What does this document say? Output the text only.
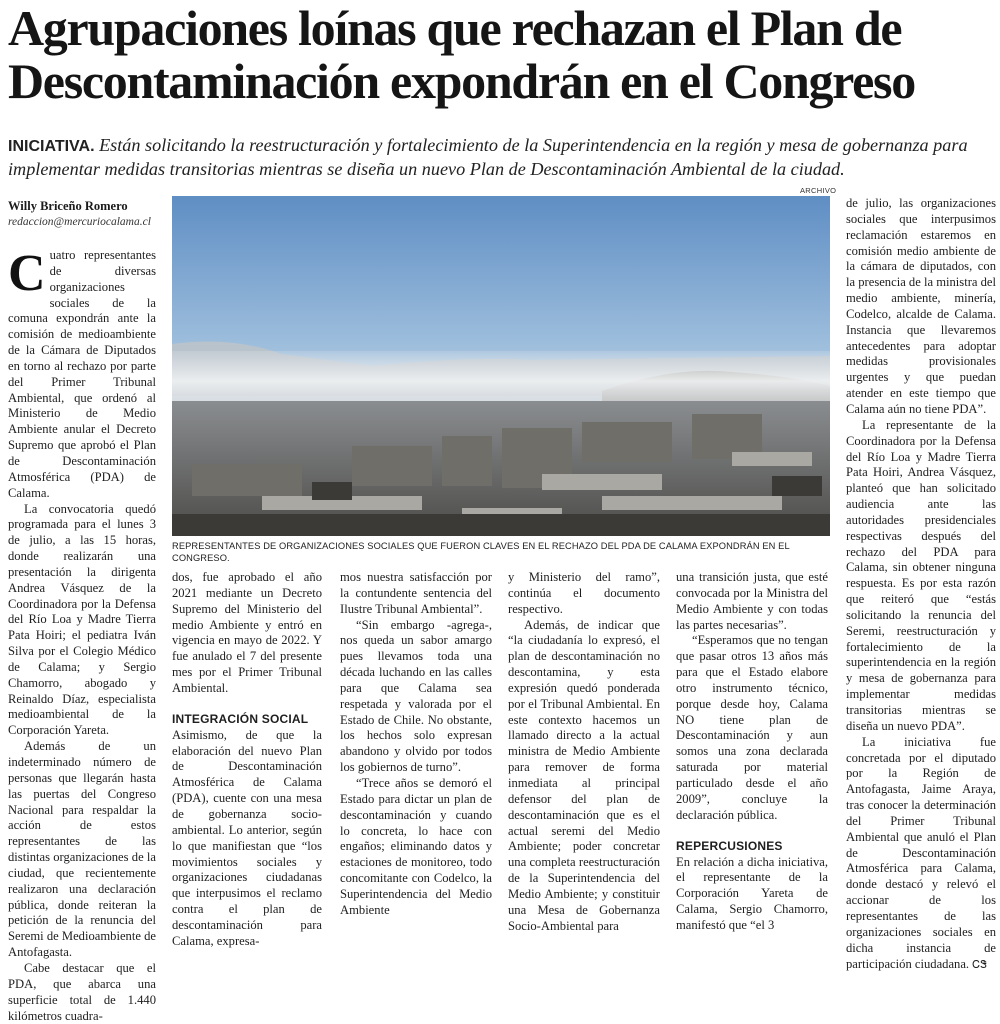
Agrupaciones loínas que rechazan el Plan de Descontaminación expondrán en el Congreso
INICIATIVA. Están solicitando la reestructuración y fortalecimiento de la Superintendencia en la región y mesa de gobernanza para implementar medidas transitorias mientras se diseña un nuevo Plan de Descontaminación Ambiental de la ciudad.
Willy Briceño Romero
redaccion@mercuriocalama.cl

Cuatro representantes de diversas organizaciones sociales de la comuna expondrán ante la comisión de medioambiente de la Cámara de Diputados en torno al rechazo por parte del Primer Tribunal Ambiental, que ordenó al Ministerio de Medio Ambiente anular el Decreto Supremo que aprobó el Plan de Descontaminación Atmosférica (PDA) de Calama.

La convocatoria quedó programada para el lunes 3 de julio, a las 15 horas, donde realizarán una presentación la dirigenta Andrea Vásquez de la Coordinadora por la Defensa del Río Loa y Madre Tierra Pata Hoiri; el pediatra Iván Silva por el Colegio Médico de Calama; y Sergio Chamorro, abogado y Reinaldo Díaz, especialista medioambiental de la Corporación Yareta.

Además de un indeterminado número de personas que llegarán hasta las puertas del Congreso Nacional para respaldar la acción de estos representantes de las distintas organizaciones de la ciudad, que recientemente realizaron una declaración pública, donde reiteran la petición de la renuncia del Seremi de Medioambiente de Antofagasta.

Cabe destacar que el PDA, que abarca una superficie total de 1.440 kilómetros cuadra-

ARCHIVO
REPRESENTANTES DE ORGANIZACIONES SOCIALES QUE FUERON CLAVES EN EL RECHAZO DEL PDA DE CALAMA EXPONDRÁN EN EL CONGRESO.

dos, fue aprobado el año 2021 mediante un Decreto Supremo del Ministerio del medio Ambiente y entró en vigencia en mayo de 2022. Y fue anulado el 7 del presente mes por el Primer Tribunal Ambiental.

INTEGRACIÓN SOCIAL

Asimismo, de que la elaboración del nuevo Plan de Descontaminación Atmosférica de Calama (PDA), cuente con una mesa de gobernanza socio-ambiental. Lo anterior, según lo que manifiestan que “los movimientos sociales y organizaciones ciudadanas que interpusimos el reclamo contra el plan de descontaminación para Calama, expresa-

mos nuestra satisfacción por la contundente sentencia del Ilustre Tribunal Ambiental”.

“Sin embargo -agrega-, nos queda un sabor amargo pues llevamos toda una década luchando en las calles para que Calama sea respetada y valorada por el Estado de Chile. No obstante, los hechos solo expresan abandono y olvido por todos los gobiernos de turno”.

“Trece años se demoró el Estado para dictar un plan de descontaminación y cuando lo concreta, lo hace con engaños; eliminando datos y estaciones de monitoreo, todo concomitante con Codelco, la Superintendencia del Medio Ambiente

y Ministerio del ramo”, continúa el documento respectivo.

Además, de indicar que “la ciudadanía lo expresó, el plan de descontaminación no descontamina, y esta expresión quedó ponderada por el Tribunal Ambiental. En este contexto hacemos un llamado directo a la actual ministra de Medio Ambiente para remover de forma inmediata al principal defensor del plan de descontaminación que es el actual seremi del Medio Ambiente; poder concretar una completa reestructuración de la Superintendencia del Medio Ambiente; y constituir una Mesa de Gobernanza Socio-Ambiental para

una transición justa, que esté convocada por la Ministra del Medio Ambiente y con todas las partes necesarias”.

“Esperamos que no tengan que pasar otros 13 años más para que el Estado elabore otro instrumento técnico, porque desde hoy, Calama NO tiene plan de Descontaminación y aun somos una zona declarada saturada por material particulado desde el año 2009”, concluye la declaración pública.

REPERCUSIONES

En relación a dicha iniciativa, el representante de la Corporación Yareta de Calama, Sergio Chamorro, manifestó que “el 3

de julio, las organizaciones sociales que interpusimos reclamación estaremos en comisión medio ambiente de la cámara de diputados, con la presencia de la ministra del medio ambiente, minería, Codelco, alcalde de Calama. Instancia que llevaremos antecedentes para adoptar medidas provisionales urgentes y que puedan atender en este tiempo que Calama aún no tiene PDA”.

La representante de la Coordinadora por la Defensa del Río Loa y Madre Tierra Pata Hoiri, Andrea Vásquez, planteó que han solicitado audiencia ante las autoridades presidenciales respectivas después del rechazo del PDA para Calama, sin obtener ninguna respuesta. Es por esta razón que reiteró que “estás solicitando la renuncia del Seremi, reestructuración y fortalecimiento de la superintendencia en la región y mesa de gobernanza para implementar medidas transitorias mientras se diseña un nuevo PDA”.

La iniciativa fue concretada por el diputado por la Región de Antofagasta, Jaime Araya, tras conocer la determinación del Primer Tribunal Ambiental que anuló el Plan de Descontaminación Atmosférica para Calama, donde destacó y relevó el accionar de los representantes de las organizaciones sociales en dicha instancia de participación ciudadana. ᏟᏕ
